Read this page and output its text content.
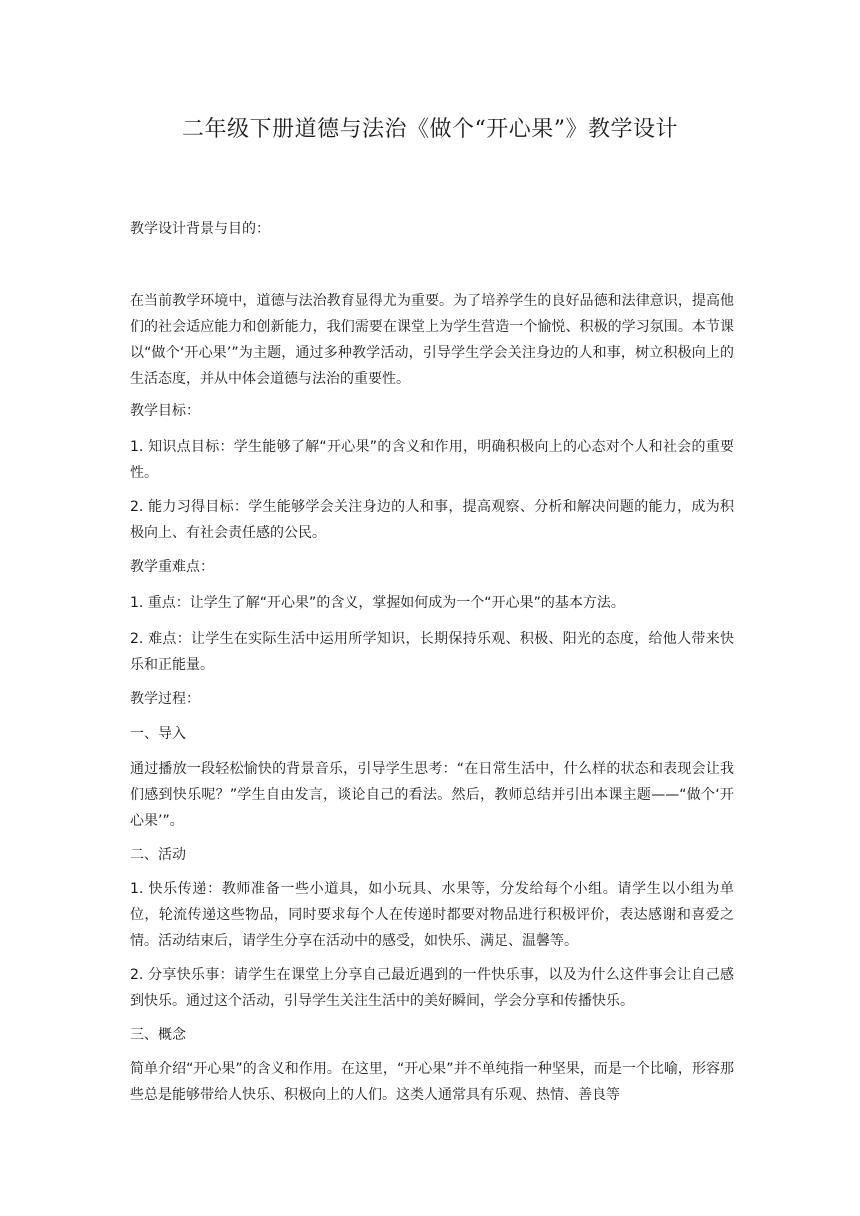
二年级下册道德与法治《做个“开心果”》教学设计

教学设计背景与目的：

在当前教学环境中，道德与法治教育显得尤为重要。为了培养学生的良好品德和法律意识，提高他们的社会适应能力和创新能力，我们需要在课堂上为学生营造一个愉悦、积极的学习氛围。本节课以“做个‘开心果’”为主题，通过多种教学活动，引导学生学会关注身边的人和事，树立积极向上的生活态度，并从中体会道德与法治的重要性。

教学目标：

1. 知识点目标：学生能够了解“开心果”的含义和作用，明确积极向上的心态对个人和社会的重要性。

2. 能力习得目标：学生能够学会关注身边的人和事，提高观察、分析和解决问题的能力，成为积极向上、有社会责任感的公民。

教学重难点：

1. 重点：让学生了解“开心果”的含义，掌握如何成为一个“开心果”的基本方法。

2. 难点：让学生在实际生活中运用所学知识，长期保持乐观、积极、阳光的态度，给他人带来快乐和正能量。

教学过程：

一、导入

通过播放一段轻松愉快的背景音乐，引导学生思考：“在日常生活中，什么样的状态和表现会让我们感到快乐呢？”学生自由发言，谈论自己的看法。然后，教师总结并引出本课主题——“做个‘开心果’”。

二、活动

1. 快乐传递：教师准备一些小道具，如小玩具、水果等，分发给每个小组。请学生以小组为单位，轮流传递这些物品，同时要求每个人在传递时都要对物品进行积极评价，表达感谢和喜爱之情。活动结束后，请学生分享在活动中的感受，如快乐、满足、温馨等。

2. 分享快乐事：请学生在课堂上分享自己最近遇到的一件快乐事，以及为什么这件事会让自己感到快乐。通过这个活动，引导学生关注生活中的美好瞬间，学会分享和传播快乐。

三、概念

简单介绍“开心果”的含义和作用。在这里，“开心果”并不单纯指一种坚果，而是一个比喻，形容那些总是能够带给人快乐、积极向上的人们。这类人通常具有乐观、热情、善良等
